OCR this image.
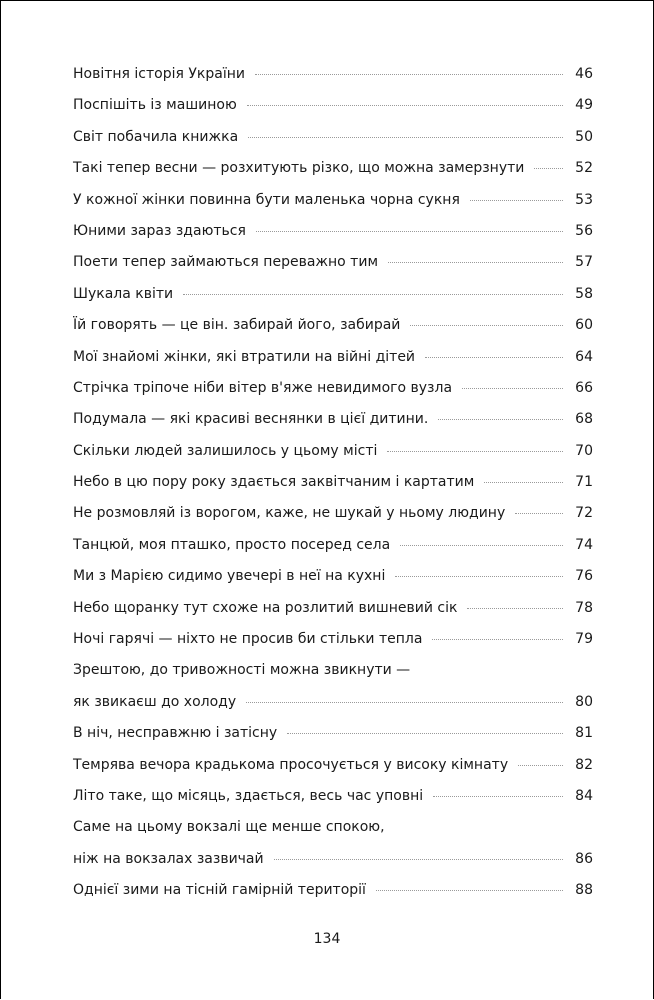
Новітня історія України	46
Поспішіть із машиною	49
Світ побачила книжка	50
Такі тепер весни — розхитують різко, що можна замерзнути	52
У кожної жінки повинна бути маленька чорна сукня	53
Юними зараз здаються	56
Поети тепер займаються переважно тим	57
Шукала квіти	58
Їй говорять — це він. забирай його, забирай	60
Мої знайомі жінки, які втратили на війні дітей	64
Стрічка тріпоче ніби вітер в'яже невидимого вузла	66
Подумала — які красиві веснянки в цієї дитини.	68
Скільки людей залишилось у цьому місті	70
Небо в цю пору року здається заквітчаним і картатим	71
Не розмовляй із ворогом, каже, не шукай у ньому людину	72
Танцюй, моя пташко, просто посеред села	74
Ми з Марією сидимо увечері в неї на кухні	76
Небо щоранку тут схоже на розлитий вишневий сік	78
Ночі гарячі — ніхто не просив би стільки тепла	79
Зрештою, до тривожності можна звикнути —
як звикаєш до холоду	80
В ніч, несправжню і затісну	81
Темрява вечора крадькома просочується у високу кімнату	82
Літо таке, що місяць, здається, весь час уповні	84
Саме на цьому вокзалі ще менше спокою,
ніж на вокзалах зазвичай	86
Однієї зими на тісній гамірній території	88
134
